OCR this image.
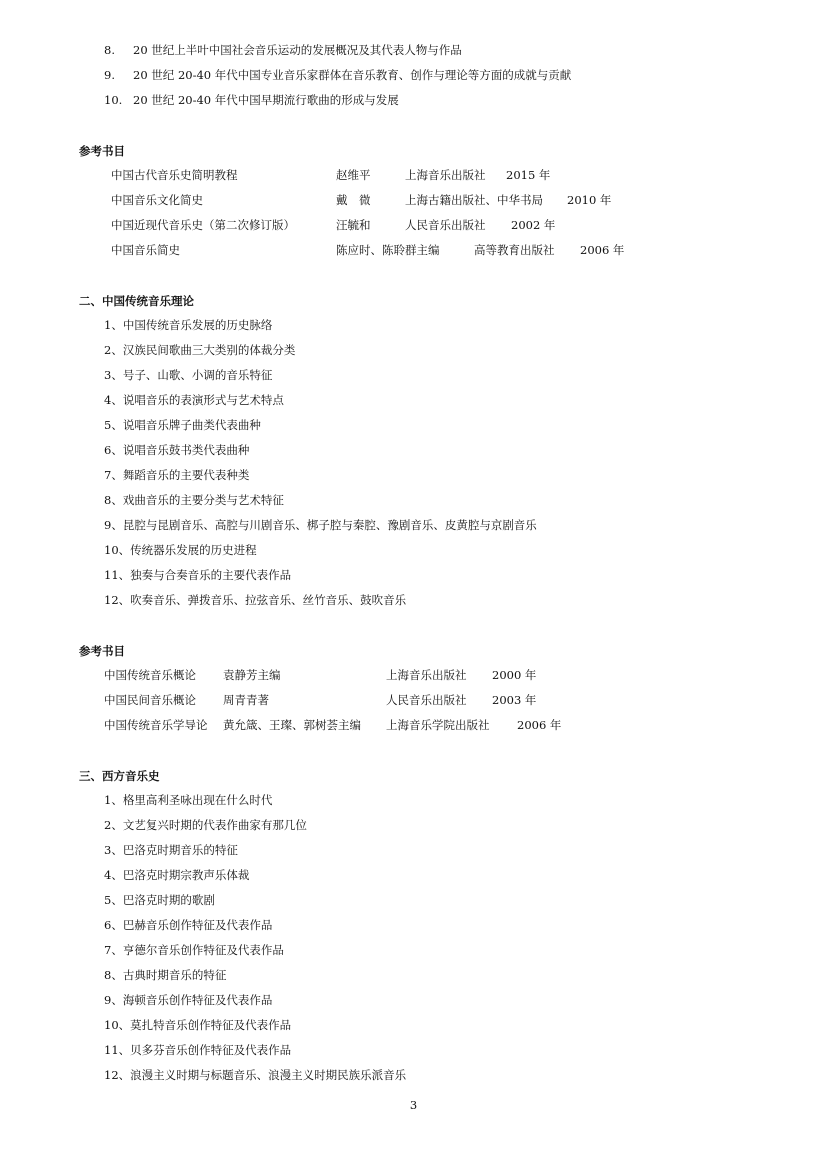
8.	20 世纪上半叶中国社会音乐运动的发展概况及其代表人物与作品
9.	20 世纪 20-40 年代中国专业音乐家群体在音乐教育、创作与理论等方面的成就与贡献
10. 20 世纪 20-40 年代中国早期流行歌曲的形成与发展
参考书目
中国古代音乐史简明教程	赵维平	上海音乐出版社 2015 年
中国音乐文化简史	戴　微	上海古籍出版社、中华书局 2010 年
中国近现代音乐史（第二次修订版）	汪毓和	人民音乐出版社 2002 年
中国音乐简史	陈应时、陈聆群主编	高等教育出版社 2006 年
二、中国传统音乐理论
1、中国传统音乐发展的历史脉络
2、汉族民间歌曲三大类别的体裁分类
3、号子、山歌、小调的音乐特征
4、说唱音乐的表演形式与艺术特点
5、说唱音乐牌子曲类代表曲种
6、说唱音乐鼓书类代表曲种
7、舞蹈音乐的主要代表种类
8、戏曲音乐的主要分类与艺术特征
9、昆腔与昆剧音乐、高腔与川剧音乐、梆子腔与秦腔、豫剧音乐、皮黄腔与京剧音乐
10、传统器乐发展的历史进程
11、独奏与合奏音乐的主要代表作品
12、吹奏音乐、弹拨音乐、拉弦音乐、丝竹音乐、鼓吹音乐
参考书目
中国传统音乐概论 袁静芳主编	上海音乐出版社 2000 年
中国民间音乐概论 周青青著	人民音乐出版社 2003 年
中国传统音乐学导论 黄允箴、王璨、郭树荟主编 上海音乐学院出版社 2006 年
三、西方音乐史
1、格里高利圣咏出现在什么时代
2、文艺复兴时期的代表作曲家有那几位
3、巴洛克时期音乐的特征
4、巴洛克时期宗教声乐体裁
5、巴洛克时期的歌剧
6、巴赫音乐创作特征及代表作品
7、亨德尔音乐创作特征及代表作品
8、古典时期音乐的特征
9、海顿音乐创作特征及代表作品
10、莫扎特音乐创作特征及代表作品
11、贝多芬音乐创作特征及代表作品
12、浪漫主义时期与标题音乐、浪漫主义时期民族乐派音乐
3
